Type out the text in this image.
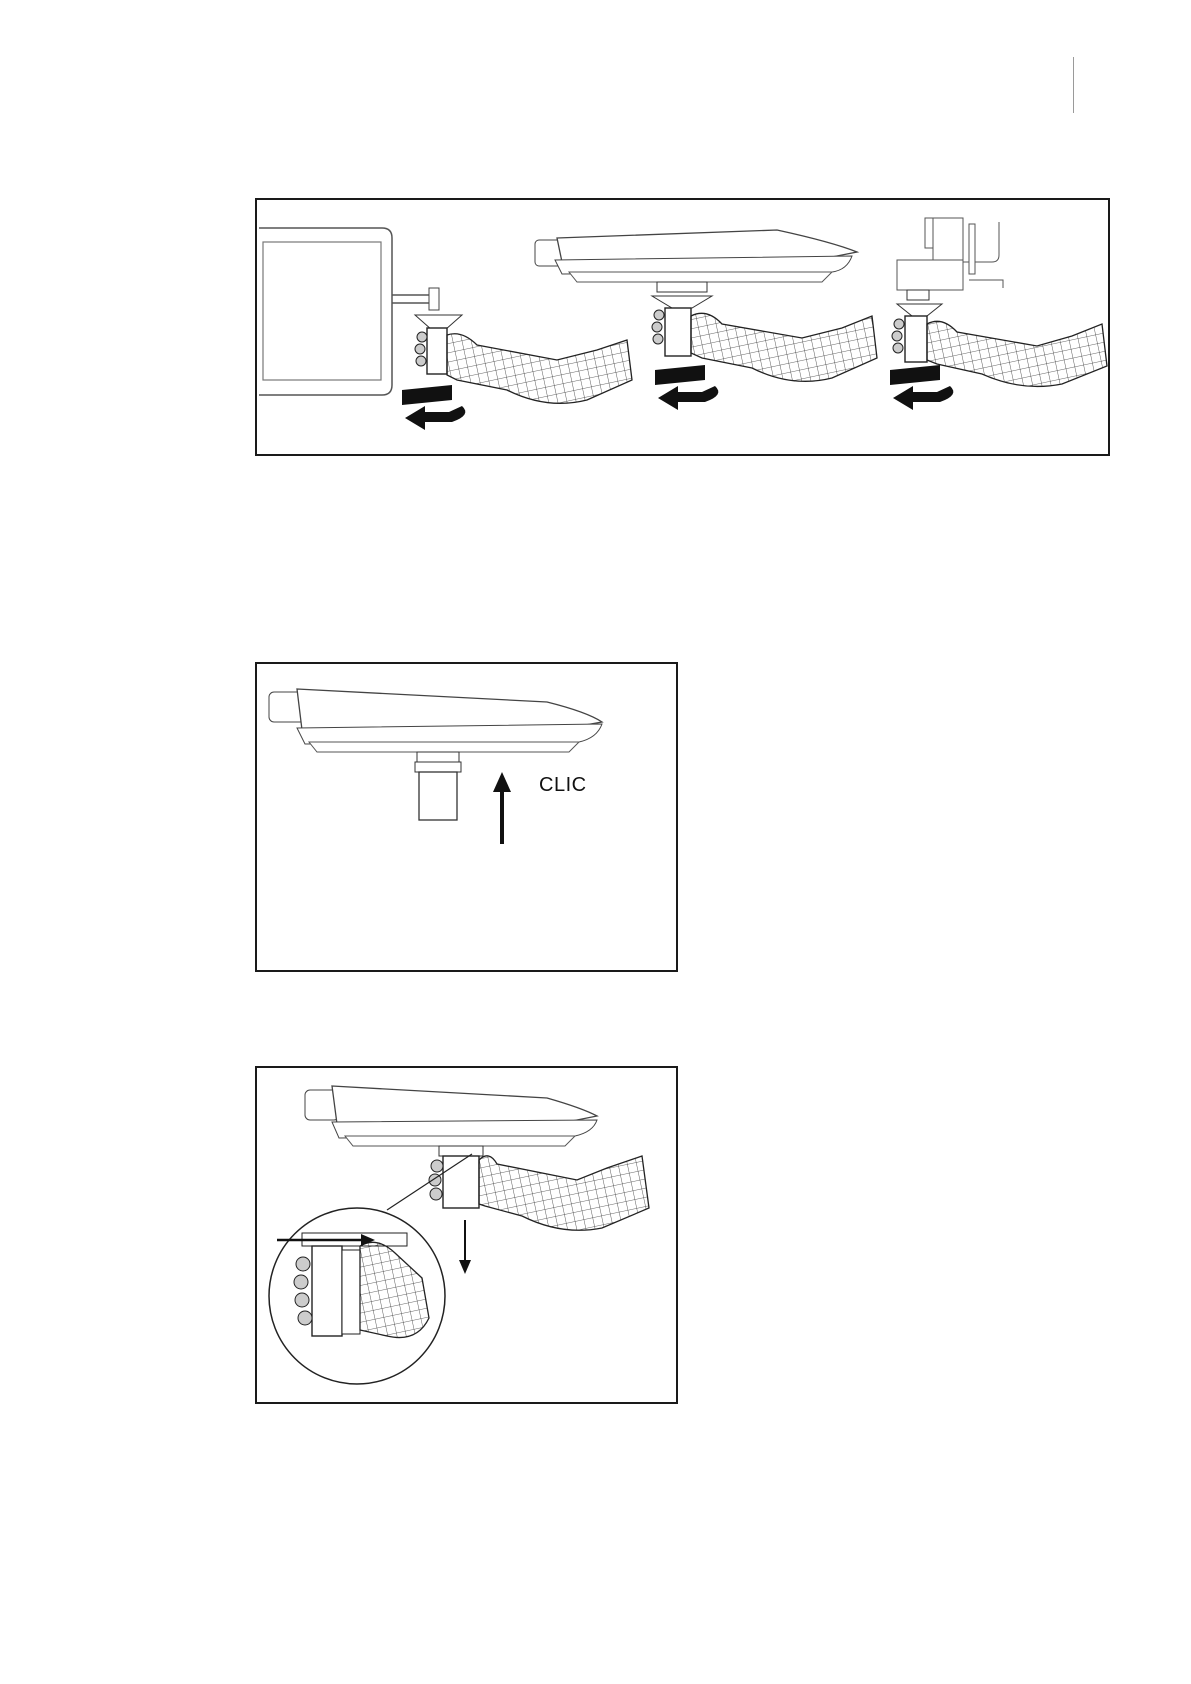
CLIC
